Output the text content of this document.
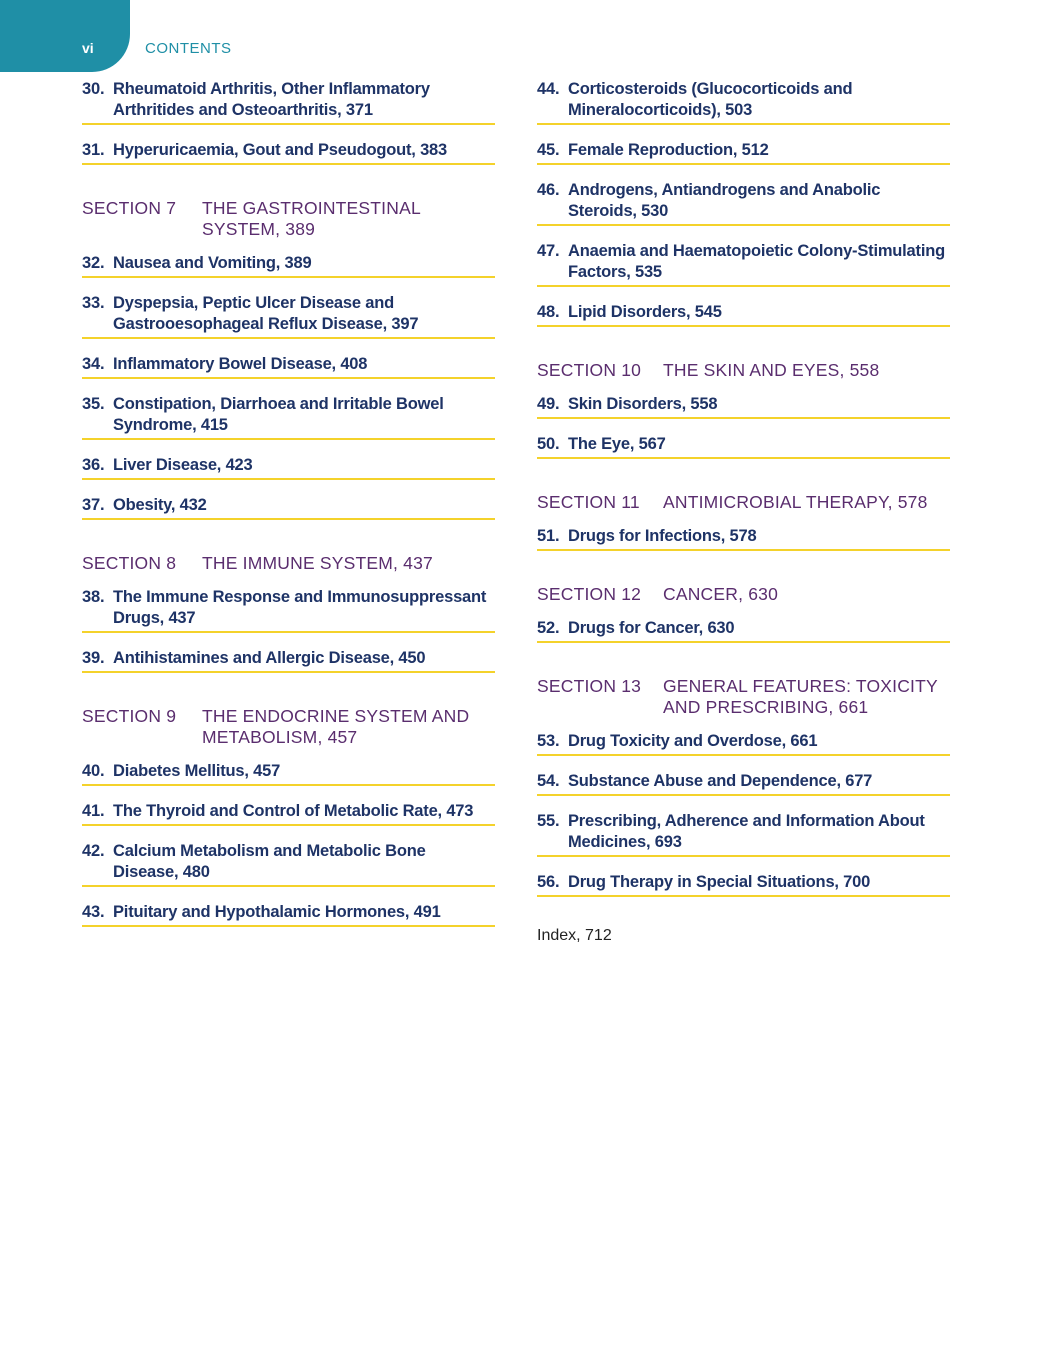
vi	CONTENTS
30. Rheumatoid Arthritis, Other Inflammatory Arthritides and Osteoarthritis, 371
31. Hyperuricaemia, Gout and Pseudogout, 383
SECTION 7	THE GASTROINTESTINAL SYSTEM, 389
32. Nausea and Vomiting, 389
33. Dyspepsia, Peptic Ulcer Disease and Gastrooesophageal Reflux Disease, 397
34. Inflammatory Bowel Disease, 408
35. Constipation, Diarrhoea and Irritable Bowel Syndrome, 415
36. Liver Disease, 423
37. Obesity, 432
SECTION 8	THE IMMUNE SYSTEM, 437
38. The Immune Response and Immunosuppressant Drugs, 437
39. Antihistamines and Allergic Disease, 450
SECTION 9	THE ENDOCRINE SYSTEM AND METABOLISM, 457
40. Diabetes Mellitus, 457
41. The Thyroid and Control of Metabolic Rate, 473
42. Calcium Metabolism and Metabolic Bone Disease, 480
43. Pituitary and Hypothalamic Hormones, 491
44. Corticosteroids (Glucocorticoids and Mineralocorticoids), 503
45. Female Reproduction, 512
46. Androgens, Antiandrogens and Anabolic Steroids, 530
47. Anaemia and Haematopoietic Colony-Stimulating Factors, 535
48. Lipid Disorders, 545
SECTION 10	THE SKIN AND EYES, 558
49. Skin Disorders, 558
50. The Eye, 567
SECTION 11	ANTIMICROBIAL THERAPY, 578
51. Drugs for Infections, 578
SECTION 12	CANCER, 630
52. Drugs for Cancer, 630
SECTION 13	GENERAL FEATURES: TOXICITY AND PRESCRIBING, 661
53. Drug Toxicity and Overdose, 661
54. Substance Abuse and Dependence, 677
55. Prescribing, Adherence and Information About Medicines, 693
56. Drug Therapy in Special Situations, 700
Index, 712
